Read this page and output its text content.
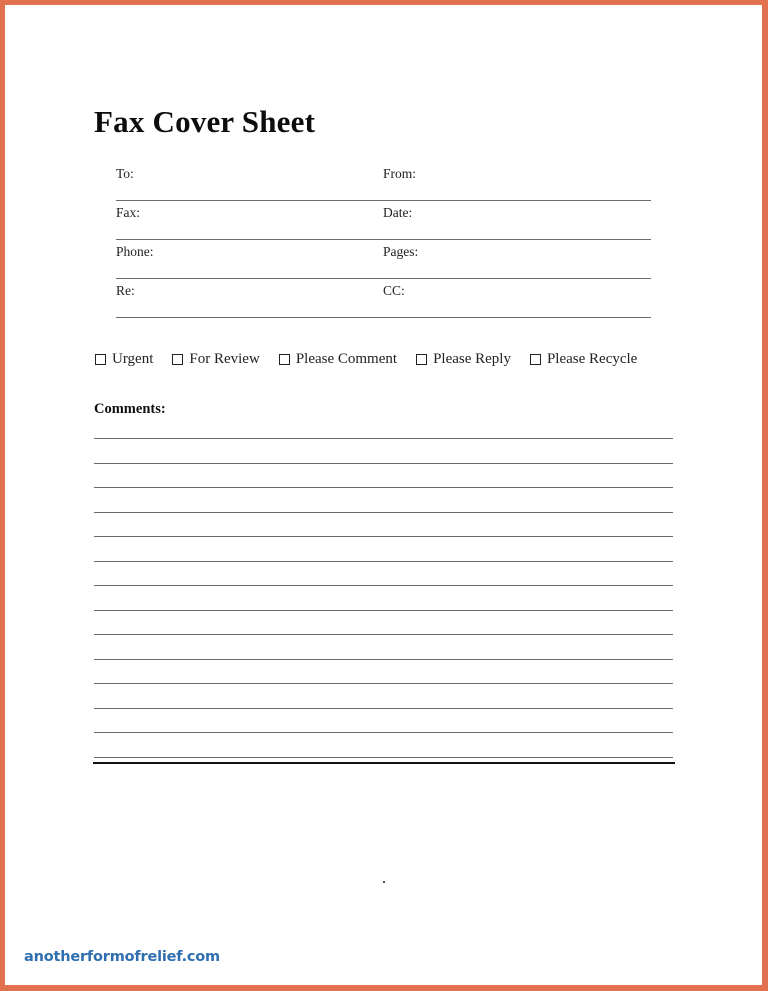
Fax Cover Sheet
To:
Fax:
Phone:
Re:
From:
Date:
Pages:
CC:
Urgent For Review Please Comment Please Reply Please Recycle
Comments:
anotherformofrelief.com
